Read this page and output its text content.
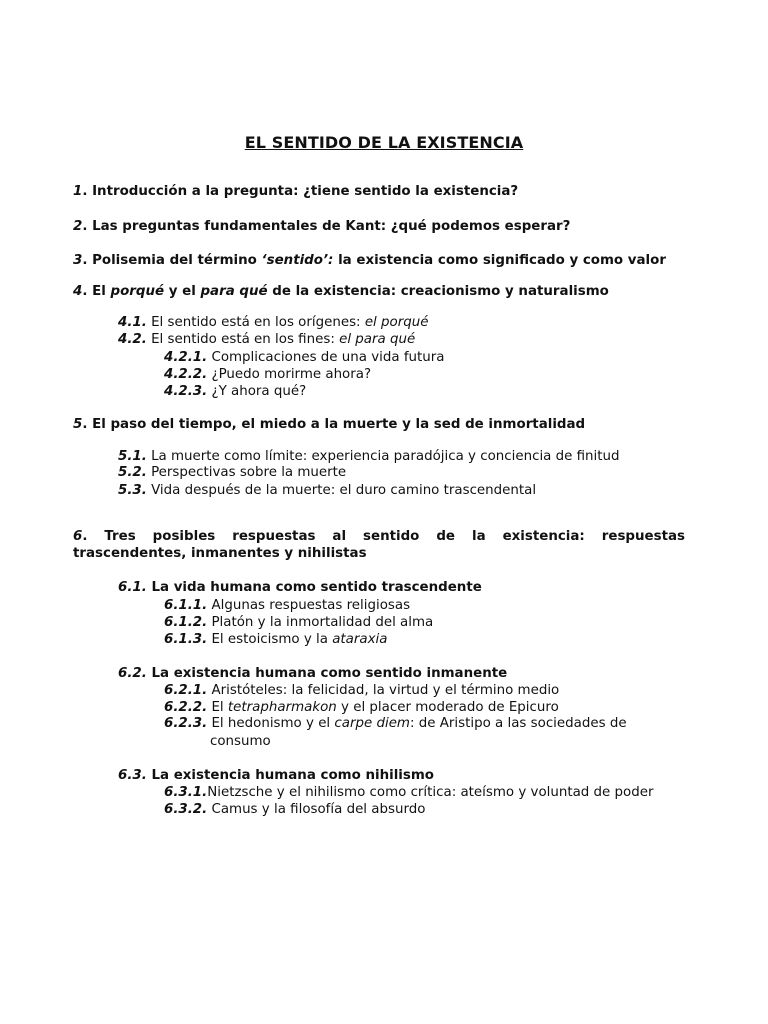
EL SENTIDO DE LA EXISTENCIA
1. Introducción a la pregunta: ¿tiene sentido la existencia?
2. Las preguntas fundamentales de Kant: ¿qué podemos esperar?
3. Polisemia del término ‘sentido’: la existencia como significado y como valor
4. El porqué y el para qué de la existencia: creacionismo y naturalismo
4.1. El sentido está en los orígenes: el porqué
4.2. El sentido está en los fines: el para qué
4.2.1. Complicaciones de una vida futura
4.2.2. ¿Puedo morirme ahora?
4.2.3. ¿Y ahora qué?
5. El paso del tiempo, el miedo a la muerte y la sed de inmortalidad
5.1. La muerte como límite: experiencia paradójica y conciencia de finitud
5.2. Perspectivas sobre la muerte
5.3. Vida después de la muerte: el duro camino trascendental
6. Tres posibles respuestas al sentido de la existencia: respuestas trascendentes, inmanentes y nihilistas
6.1. La vida humana como sentido trascendente
6.1.1. Algunas respuestas religiosas
6.1.2. Platón y la inmortalidad del alma
6.1.3. El estoicismo y la ataraxia
6.2. La existencia humana como sentido inmanente
6.2.1. Aristóteles: la felicidad, la virtud y el término medio
6.2.2. El tetrapharmakon y el placer moderado de Epicuro
6.2.3. El hedonismo y el carpe diem: de Aristipo a las sociedades de
consumo
6.3. La existencia humana como nihilismo
6.3.1.Nietzsche y el nihilismo como crítica: ateísmo y voluntad de poder
6.3.2. Camus y la filosofía del absurdo
